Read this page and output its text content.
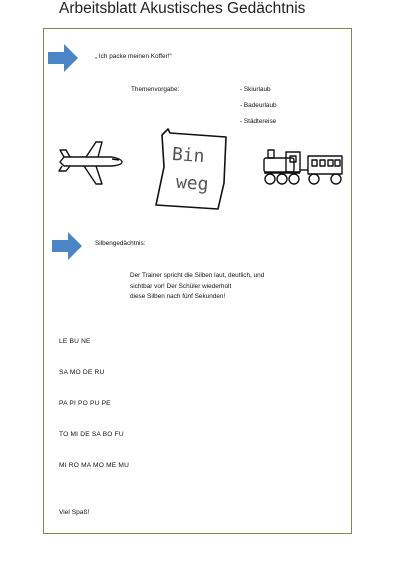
Arbeitsblatt Akustisches Gedächtnis
„ Ich packe meinen Koffer!“
Themenvorgabe:	- Skiurlaub
- Badeurlaub
- Städtereise
Bin
weg
Silbengedächtnis:
Der Trainer spricht die Silben laut, deutlich, und
sichtbar vor! Der Schüler wiederholt
diese Silben nach fünf Sekunden!
LE BU NE
SA MO DE RU
PA PI PO PU PE
TO MI DE SA BO FU
MI RO MA MO ME MU
Viel Spaß!
